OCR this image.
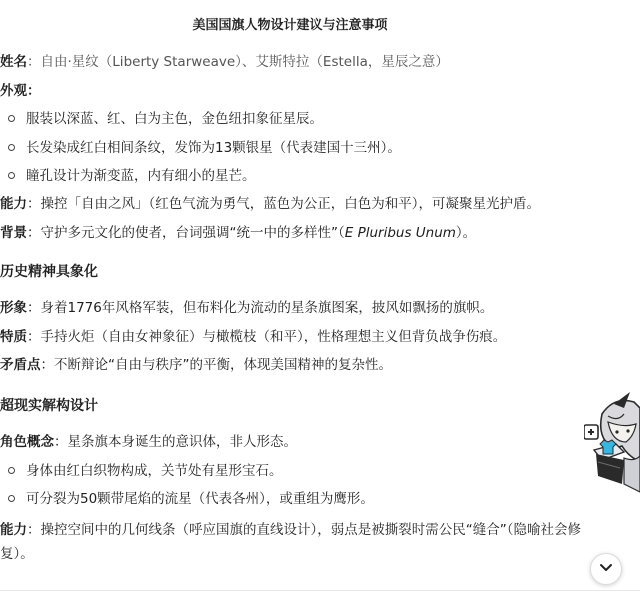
美国国旗人物设计建议与注意事项
姓名：自由·星纹（Liberty Starweave）、艾斯特拉（Estella，星辰之意）
外观：
服装以深蓝、红、白为主色，金色纽扣象征星辰。
长发染成红白相间条纹，发饰为13颗银星（代表建国十三州）。
瞳孔设计为渐变蓝，内有细小的星芒。
能力：操控「自由之风」（红色气流为勇气，蓝色为公正，白色为和平），可凝聚星光护盾。
背景：守护多元文化的使者，台词强调“统一中的多样性”（E Pluribus Unum）。
历史精神具象化
形象：身着1776年风格军装，但布料化为流动的星条旗图案，披风如飘扬的旗帜。
特质：手持火炬（自由女神象征）与橄榄枝（和平），性格理想主义但背负战争伤痕。
矛盾点：不断辩论“自由与秩序”的平衡，体现美国精神的复杂性。
超现实解构设计
角色概念：星条旗本身诞生的意识体，非人形态。
身体由红白织物构成，关节处有星形宝石。
可分裂为50颗带尾焰的流星（代表各州），或重组为鹰形。
能力：操控空间中的几何线条（呼应国旗的直线设计），弱点是被撕裂时需公民“缝合”（隐喻社会修复）。
